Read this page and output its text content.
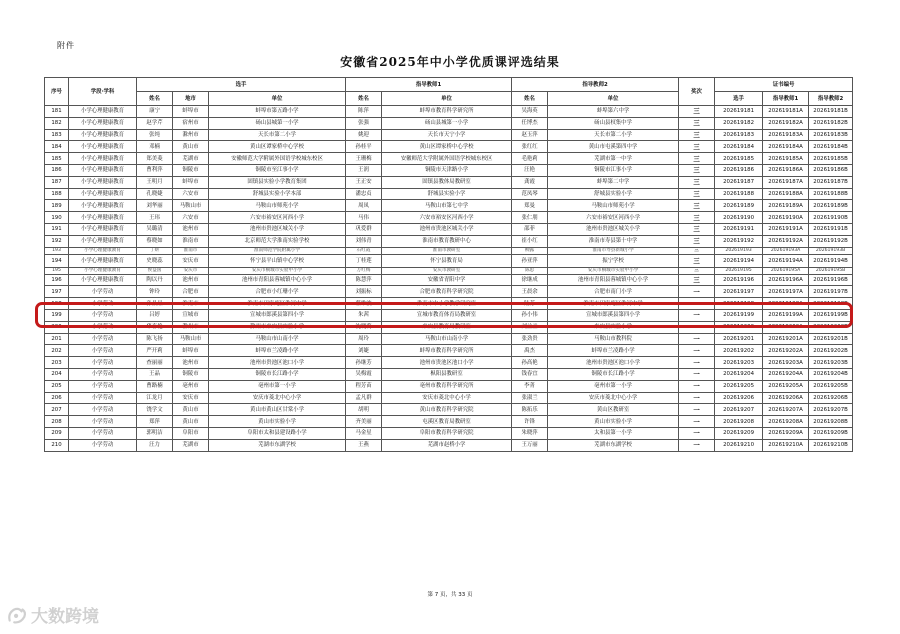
附件
安徽省2025年中小学优质课评选结果
序号	学段·学科	选手			指导教师1		指导教师2		奖次	证书编号		
		姓名	地市	单位	姓名	单位	姓名	单位		选手	指导教师1	指导教师2
181	小学心理健康教育	康宁	蚌埠市	蚌埠市第五路小学	陈萍	蚌埠市教育科学研究所	吴海英	蚌埠第六中学	三	202619181	202619181A	202619181B
182	小学心理健康教育	赵学芹	宿州市	砀山县城第一小学	张强	砀山县城第一小学	任博杰	砀山县权集中学	三	202619182	202619182A	202619182B
183	小学心理健康教育	张纯	滁州市	天长市第二小学	姚迎	天长市天宁小学	赵玉萍	天长市第二小学	三	202619183	202619183A	202619183B
184	小学心理健康教育	邓楠	黄山市	黄山区谭家桥中心学校	孙桂平	黄山区谭家桥中心学校	张红红	黄山市屯溪第四中学	三	202619184	202619184A	202619184B
185	小学心理健康教育	郑美菱	芜湖市	安徽师范大学附属外国语学校城东校区	王珊梅	安徽师范大学附属外国语学校城东校区	毛艳莉	芜湖市第一中学	三	202619185	202619185A	202619185B
186	小学心理健康教育	曹利萍	铜陵市	铜陵市至江事小学	王润	铜陵市天津路小学	汪艳	铜陵市江事小学	三	202619186	202619186A	202619186B
187	小学心理健康教育	王明月	蚌埠市	固镇县实验小学教育集团	王正安	固镇县教体局教研室	龚霞	蚌埠第二中学	三	202619187	202619187A	202619187B
188	小学心理健康教育	孔晓婕	六安市	舒城县实验小学本部	潘忠贞	舒城县实验小学	范凤琴	舒城县实验小学	三	202619188	202619188A	202619188B
189	小学心理健康教育	刘华丽	马鞍山市	马鞍山市师苑小学	周凤	马鞍山市第七中学	郑曼	马鞍山市师苑小学	三	202619189	202619189A	202619189B
190	小学心理健康教育	王玮	六安市	六安市裕安区河西小学	马伟	六安市裕安区河西小学	张仁朋	六安市裕安区河西小学	三	202619190	202619190A	202619190B
191	小学心理健康教育	吴璐清	池州市	池州市贵池区城关小学	巩爱群	池州市贵池区城关小学	邵菲	池州市贵池区城关小学	三	202619191	202619191A	202619191B
192	小学心理健康教育	蔡晓如	淮南市	北京师范大学淮南实验学校	刘伟青	淮南市教育教研中心	崔小红	淮南市寿县第十中学	三	202619192	202619192A	202619192B
193	小学心理健康教育	丁妍	淮南市	淮南师范学院附属小学	石红霞	淮南市教研室	柳露	淮南市寿县新城小学	三	202619193	202619193A	202619193B
194	小学心理健康教育	史晓蕊	安庆市	怀宁县平山镇中心学校	丁桂莲	怀宁县教育局	孙亚萍	振宁学校	三	202619194	202619194A	202619194B
195	小学心理健康教育	侯益国	安庆市	安庆市桐城市实验中小学	万红梅	安庆市教研室	陈思	安庆市桐城市实验中小学	三	202619195	202619195A	202619195B
196	小学心理健康教育	陶以丹	池州市	池州市青阳县蓉城镇中心小学	陈慧萍	安徽省青阳中学	徐继成	池州市青阳县蓉城镇中心小学	三	202619196	202619196A	202619196B
197	小学劳动	钟玲	合肥市	合肥市小红珊小学	刘振标	合肥市教育科学研究院	王晨余	合肥市南门小学	一	202619197	202619197A	202619197B
198	小学劳动	孙晶晶	淮南市	淮南市田家庵区淮河中学	蔡维波	淮南市中小学教学研究室	陆芳	淮南市田家庵区淮河中学	一	202619198	202619198A	202619198B
199	小学劳动	吕婷	宣城市	宣城市郎溪县第四小学	朱茜	宣城市教育体育局教研室	孙小伟	宣城市郎溪县第四小学	一	202619199	202619199A	202619199B
200	小学劳动	华春艳	滁州市	滁州市来安县实验小学	沈晓莉	来安县教育局教研室	刘兰兰	来安县实验小学	一	202619200	202619200A	202619200B
201	小学劳动	陈飞扬	马鞍山市	马鞍山市山南小学	周玲	马鞍山市山南小学	张劲贵	马鞍山市教科院	一	202619201	202619201A	202619201B
202	小学劳动	严开莉	蚌埠市	蚌埠市兰凌路小学	刘婕	蚌埠市教育科学研究所	禹杰	蚌埠市兰凌路小学	一	202619202	202619202A	202619202B
203	小学劳动	查丽丽	池州市	池州市贵池区池口小学	孙继芳	池州市贵池区池口小学	孙高艳	池州市贵池区池口小学	一	202619203	202619203A	202619203B
204	小学劳动	王晶	铜陵市	铜陵市长江路小学	吴梅霞	枞阳县教研室	钱春宜	铜陵市长江路小学	一	202619204	202619204A	202619204B
205	小学劳动	曹路楠	亳州市	亳州市第一小学	程芳苗	亳州市教育科学研究所	李菁	亳州市第一小学	一	202619205	202619205A	202619205B
206	小学劳动	江龙月	安庆市	安庆市菱北中心小学	孟凡群	安庆市菱北中心小学	张淑兰	安庆市菱北中心小学	一	202619206	202619206A	202619206B
207	小学劳动	饶学文	黄山市	黄山市黄山区甘棠小学	胡明	黄山市教育科学研究院	陈拓乐	黄山区教研室	一	202619207	202619207A	202619207B
208	小学劳动	郑萍	黄山市	黄山市实验小学	齐美丽	屯溪区教育局教研室	许锋	黄山市实验小学	一	202619208	202619208A	202619208B
209	小学劳动	郭明洁	阜阳市	阜阳市太和县建设路小学	马金星	阜阳市教育科学研究院	朱晓萍	太和县第一小学	一	202619209	202619209A	202619209B
210	小学劳动	汪力	芜湖市	芜湖市东湖学校	王燕	芜湖市赵桥小学	王万丽	芜湖市东湖学校	一	202619210	202619210A	202619210B
第 7 页，共 33 页
大数跨境
